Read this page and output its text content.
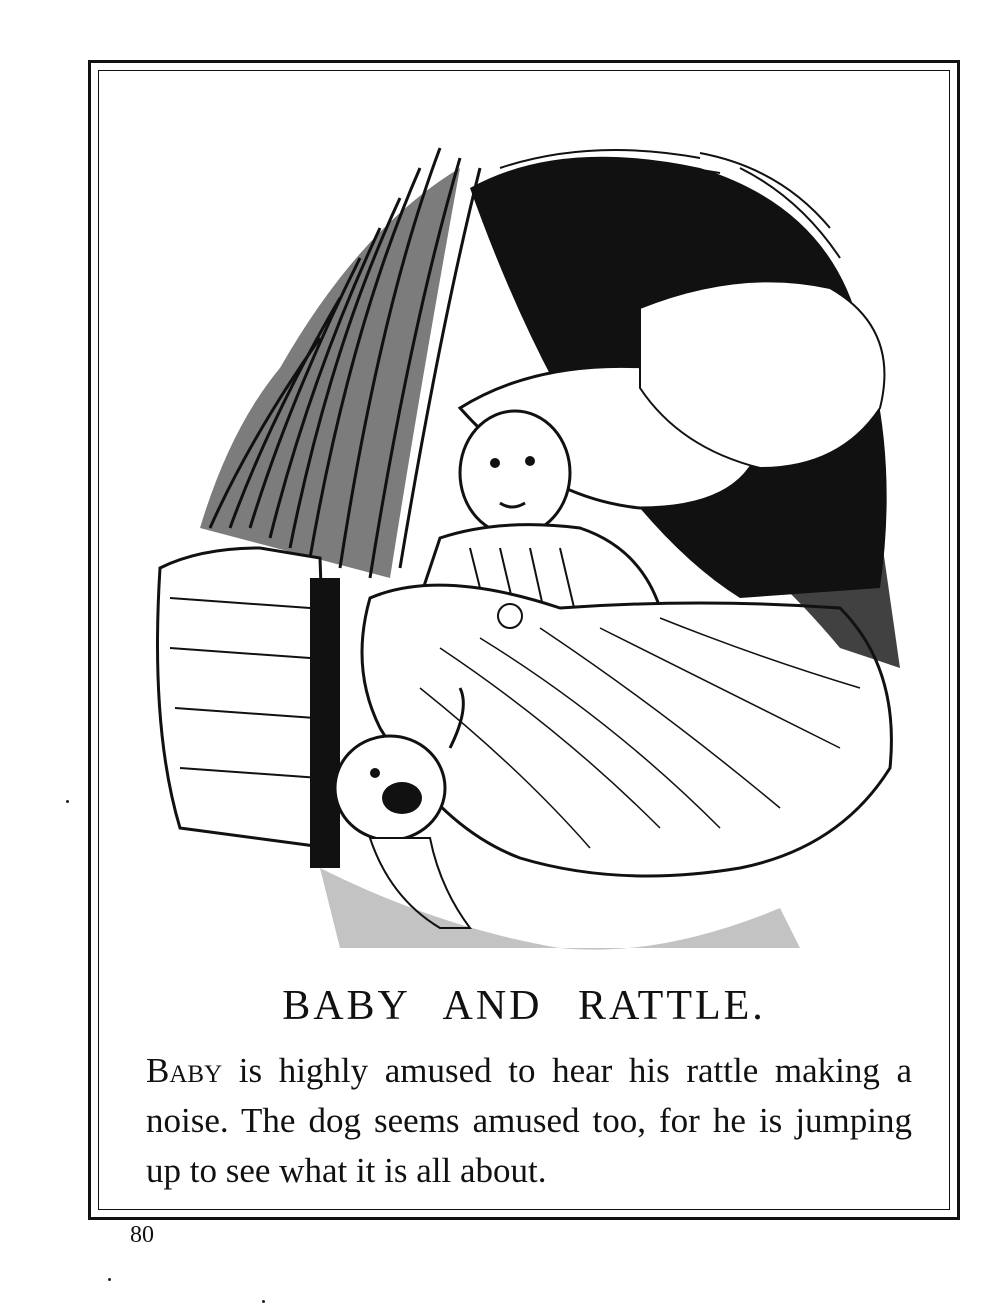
BABY AND RATTLE.

Baby is highly amused to hear his rattle making a noise. The dog seems amused too, for he is jumping up to see what it is all about.

80
